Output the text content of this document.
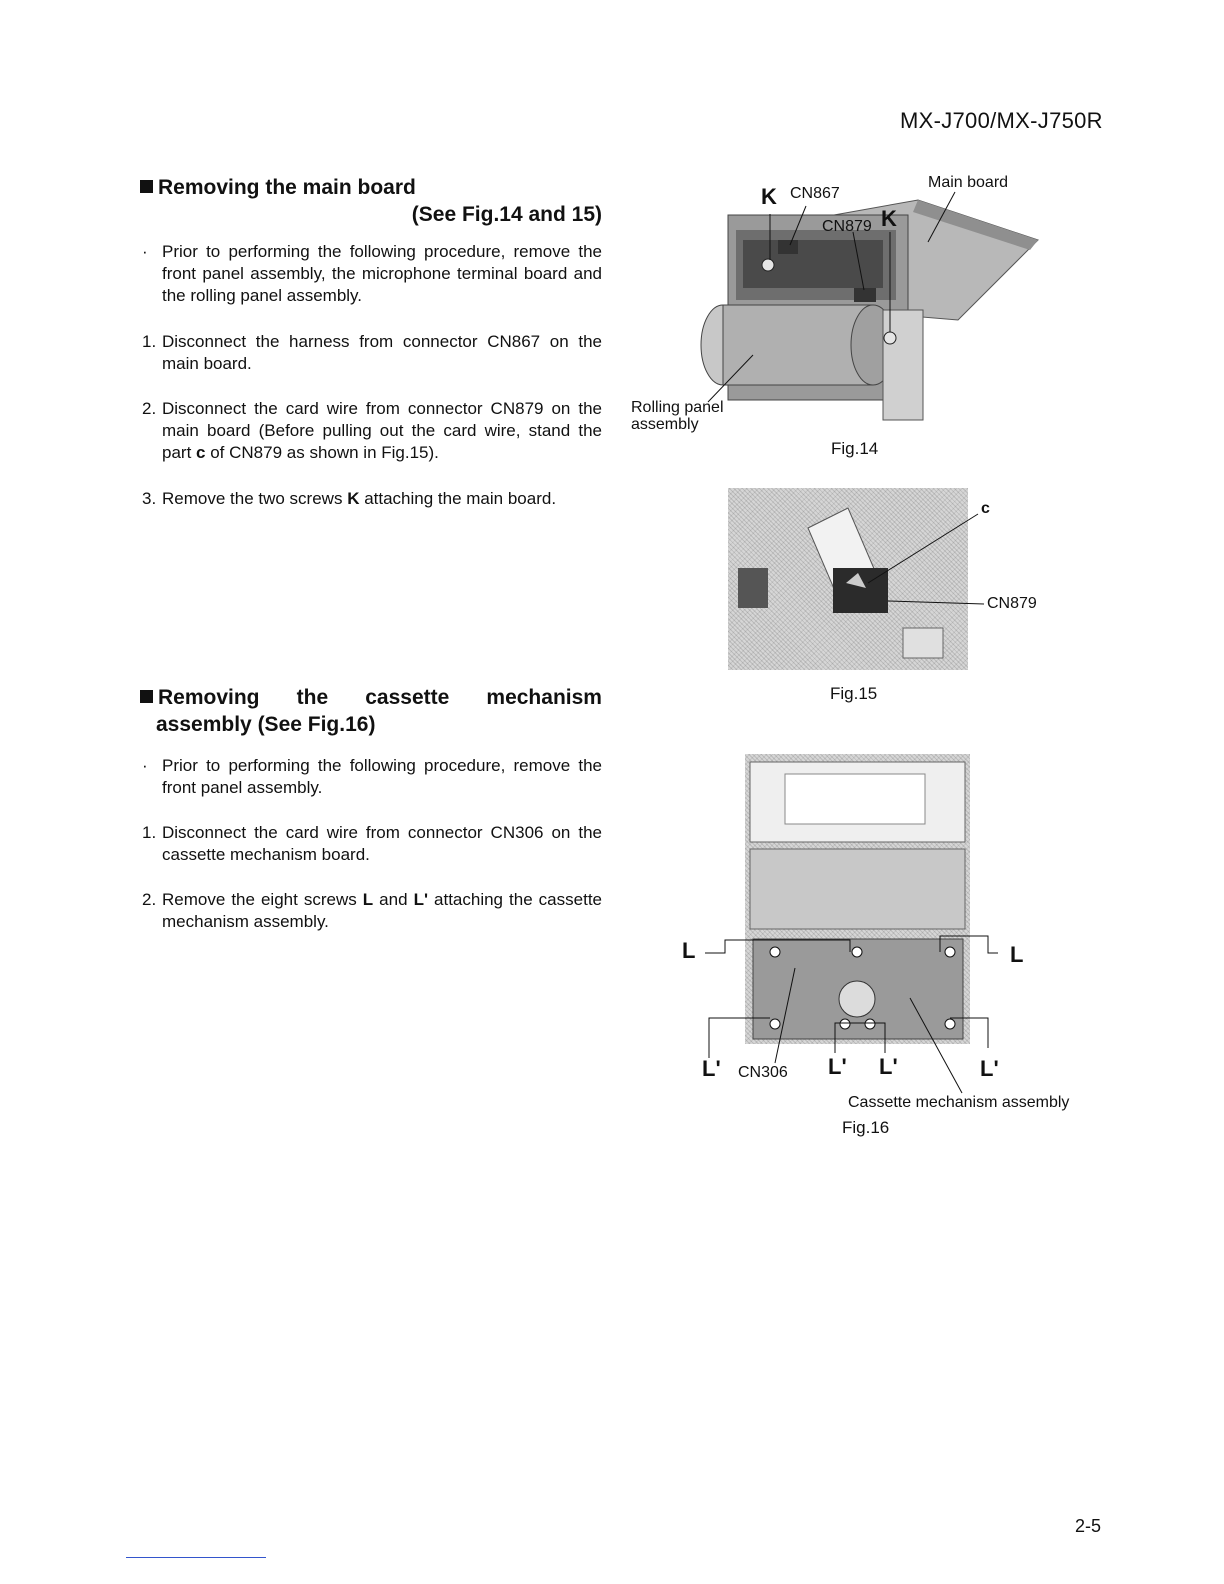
MX-J700/MX-J750R
Removing the main board
(See Fig.14 and 15)
· Prior to performing the following procedure, remove the front panel assembly, the microphone terminal board and the rolling panel assembly.
1. Disconnect the harness from connector CN867 on the main board.
2. Disconnect the card wire from connector CN879 on the main board (Before pulling out the card wire, stand the part c of CN879 as shown in Fig.15).
3. Remove the two screws K attaching the main board.
Removing the cassette mechanism
assembly (See Fig.16)
· Prior to performing the following procedure, remove the front panel assembly.
1. Disconnect the card wire from connector CN306 on the cassette mechanism board.
2. Remove the eight screws L and L' attaching the cassette mechanism assembly.
K CN867
CN879 K
Main board
Rolling panel
assembly
Fig.14
c
CN879
Fig.15
L	L
L' CN306 L' L'	L'
Cassette mechanism assembly
Fig.16
2-5
